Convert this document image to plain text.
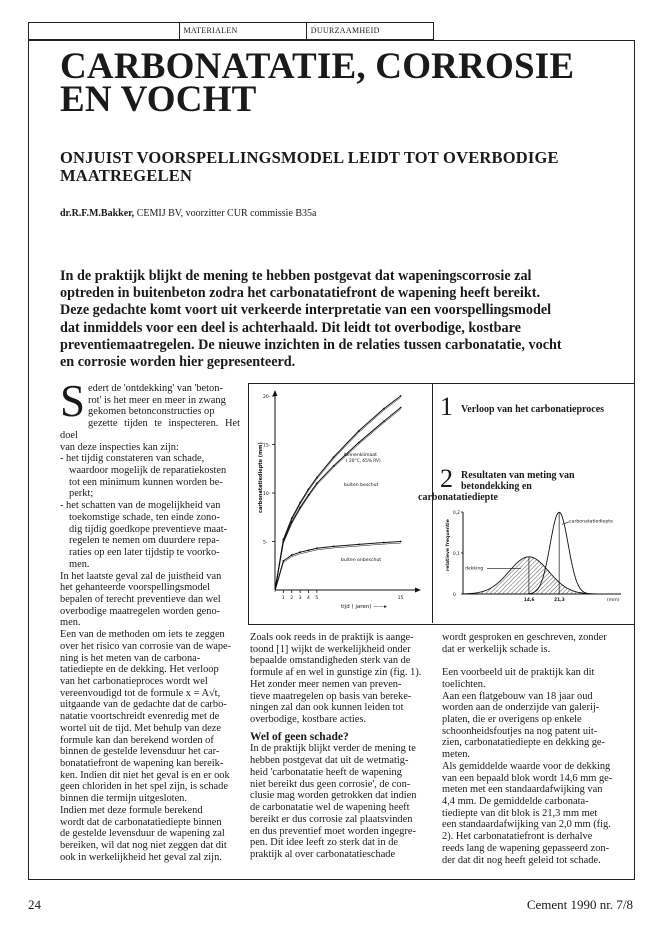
MATERIALEN	DUURZAAMHEID
CARBONATATIE, CORROSIE
EN VOCHT
ONJUIST VOORSPELLINGSMODEL LEIDT TOT OVERBODIGE
MAATREGELEN
dr.R.F.M.Bakker, CEMIJ BV, voorzitter CUR commissie B35a
In de praktijk blijkt de mening te hebben postgevat dat wapeningscorrosie zal
optreden in buitenbeton zodra het carbonatatiefront de wapening heeft bereikt.
Deze gedachte komt voort uit verkeerde interpretatie van een voorspellingsmodel
dat inmiddels voor een deel is achterhaald. Dit leidt tot overbodige, kostbare
preventiemaatregelen. De nieuwe inzichten in de relaties tussen carbonatatie, vocht
en corrosie worden hier gepresenteerd.
S edert de 'ontdekking' van 'beton-
rot' is het meer en meer in zwang
gekomen betonconstructies op
gezette tijden te inspecteren. Het doel
van deze inspecties kan zijn:
- het tijdig constateren van schade,
waardoor mogelijk de reparatiekosten
tot een minimum kunnen worden be-
perkt;
- het schatten van de mogelijkheid van
toekomstige schade, ten einde zono-
dig tijdig goedkope preventieve maat-
regelen te nemen om duurdere repa-
raties op een later tijdstip te voorko-
men.
In het laatste geval zal de juistheid van
het gehanteerde voorspellingsmodel
bepalen of terecht preventieve dan wel
overbodige maatregelen worden geno-
men.
Een van de methoden om iets te zeggen
over het risico van corrosie van de wape-
ning is het meten van de carbona-
tatiediepte en de dekking. Het verloop
van het carbonatieproces wordt wel
vereenvoudigd tot de formule x = A√t,
uitgaande van de gedachte dat de carbo-
natatie voortschreidt evenredig met de
wortel uit de tijd. Met behulp van deze
formule kan dan berekend worden of
binnen de gestelde levensduur het car-
bonatatiefront de wapening kan bereik-
ken. Indien dit niet het geval is en er ook
geen chloriden in het spel zijn, is schade
binnen die termijn uitgesloten.
Indien met deze formule berekend
wordt dat de carbonatatiediepte binnen
de gestelde levensduur de wapening zal
bereiken, wil dat nog niet zeggen dat dit
ook in werkelijkheid het geval zal zijn.
carbonatatiediepte (mm)
20-
15-
10-
5-
1 2 3 4 5	15
tijd ( jaren) ——▸
binnenklimaat
( 20°C, 65% RV)
buiten beschut
buiten onbeschut
1 Verloop van het carbonatieproces
2 Resultaten van meting van
betondekking en
carbonatatiediepte
relatieve frequentie
0,2
0,1
0
dekking
carbonatatiediepte
14,6	21,3	(mm)
Zoals ook reeds in de praktijk is aange-
toond [1] wijkt de werkelijkheid onder
bepaalde omstandigheden sterk van de
formule af en wel in gunstige zin (fig. 1).
Het zonder meer nemen van preven-
tieve maatregelen op basis van bereke-
ningen zal dan ook kunnen leiden tot
overbodige, kostbare acties.
Wel of geen schade?
In de praktijk blijkt verder de mening te
hebben postgevat dat uit de wetmatig-
heid 'carbonatatie heeft de wapening
niet bereikt dus geen corrosie', de con-
clusie mag worden getrokken dat indien
de carbonatatie wel de wapening heeft
bereikt er dus corrosie zal plaatsvinden
en dus preventief moet worden ingegre-
pen. Dit idee leeft zo sterk dat in de
praktijk al over carbonatatieschade
wordt gesproken en geschreven, zonder
dat er werkelijk schade is.
Een voorbeeld uit de praktijk kan dit
toelichten.
Aan een flatgebouw van 18 jaar oud
worden aan de onderzijde van galerij-
platen, die er overigens op enkele
schoonheidsfoutjes na nog patent uit-
zien, carbonatatiediepte en dekking ge-
meten.
Als gemiddelde waarde voor de dekking
van een bepaald blok wordt 14,6 mm ge-
meten met een standaardafwijking van
4,4 mm. De gemiddelde carbonata-
tiediepte van dit blok is 21,3 mm met
een standaardafwijking van 2,0 mm (fig.
2). Het carbonatatiefront is derhalve
reeds lang de wapening gepasseerd zon-
der dat dit nog heeft geleid tot schade.
24	Cement 1990 nr. 7/8
